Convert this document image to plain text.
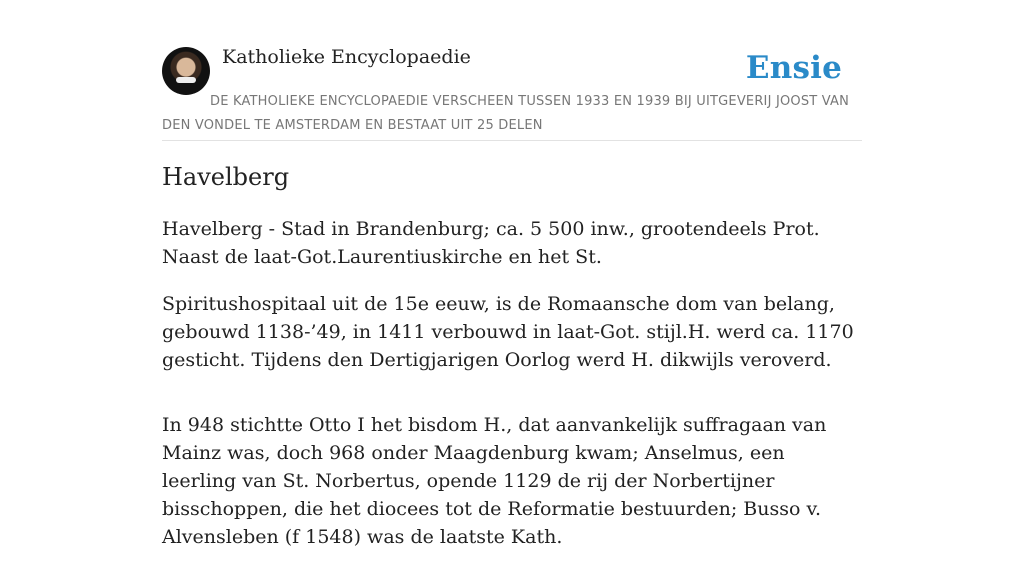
Katholieke Encyclopaedie	Ensie
DE KATHOLIEKE ENCYCLOPAEDIE VERSCHEEN TUSSEN 1933 EN 1939 BIJ UITGEVERIJ JOOST VAN DEN VONDEL TE AMSTERDAM EN BESTAAT UIT 25 DELEN
Havelberg

Havelberg - Stad in Brandenburg; ca. 5 500 inw., grootendeels Prot. Naast de laat-Got.Laurentiuskirche en het St.

Spiritushospitaal uit de 15e eeuw, is de Romaansche dom van belang, gebouwd 1138-’49, in 1411 verbouwd in laat-Got. stijl.H. werd ca. 1170 gesticht. Tijdens den Dertigjarigen Oorlog werd H. dikwijls veroverd.

In 948 stichtte Otto I het bisdom H., dat aanvankelijk suffragaan van Mainz was, doch 968 onder Maagdenburg kwam; Anselmus, een leerling van St. Norbertus, opende 1129 de rij der Norbertijner bisschoppen, die het diocees tot de Reformatie bestuurden; Busso v. Alvensleben (f 1548) was de laatste Kath.
